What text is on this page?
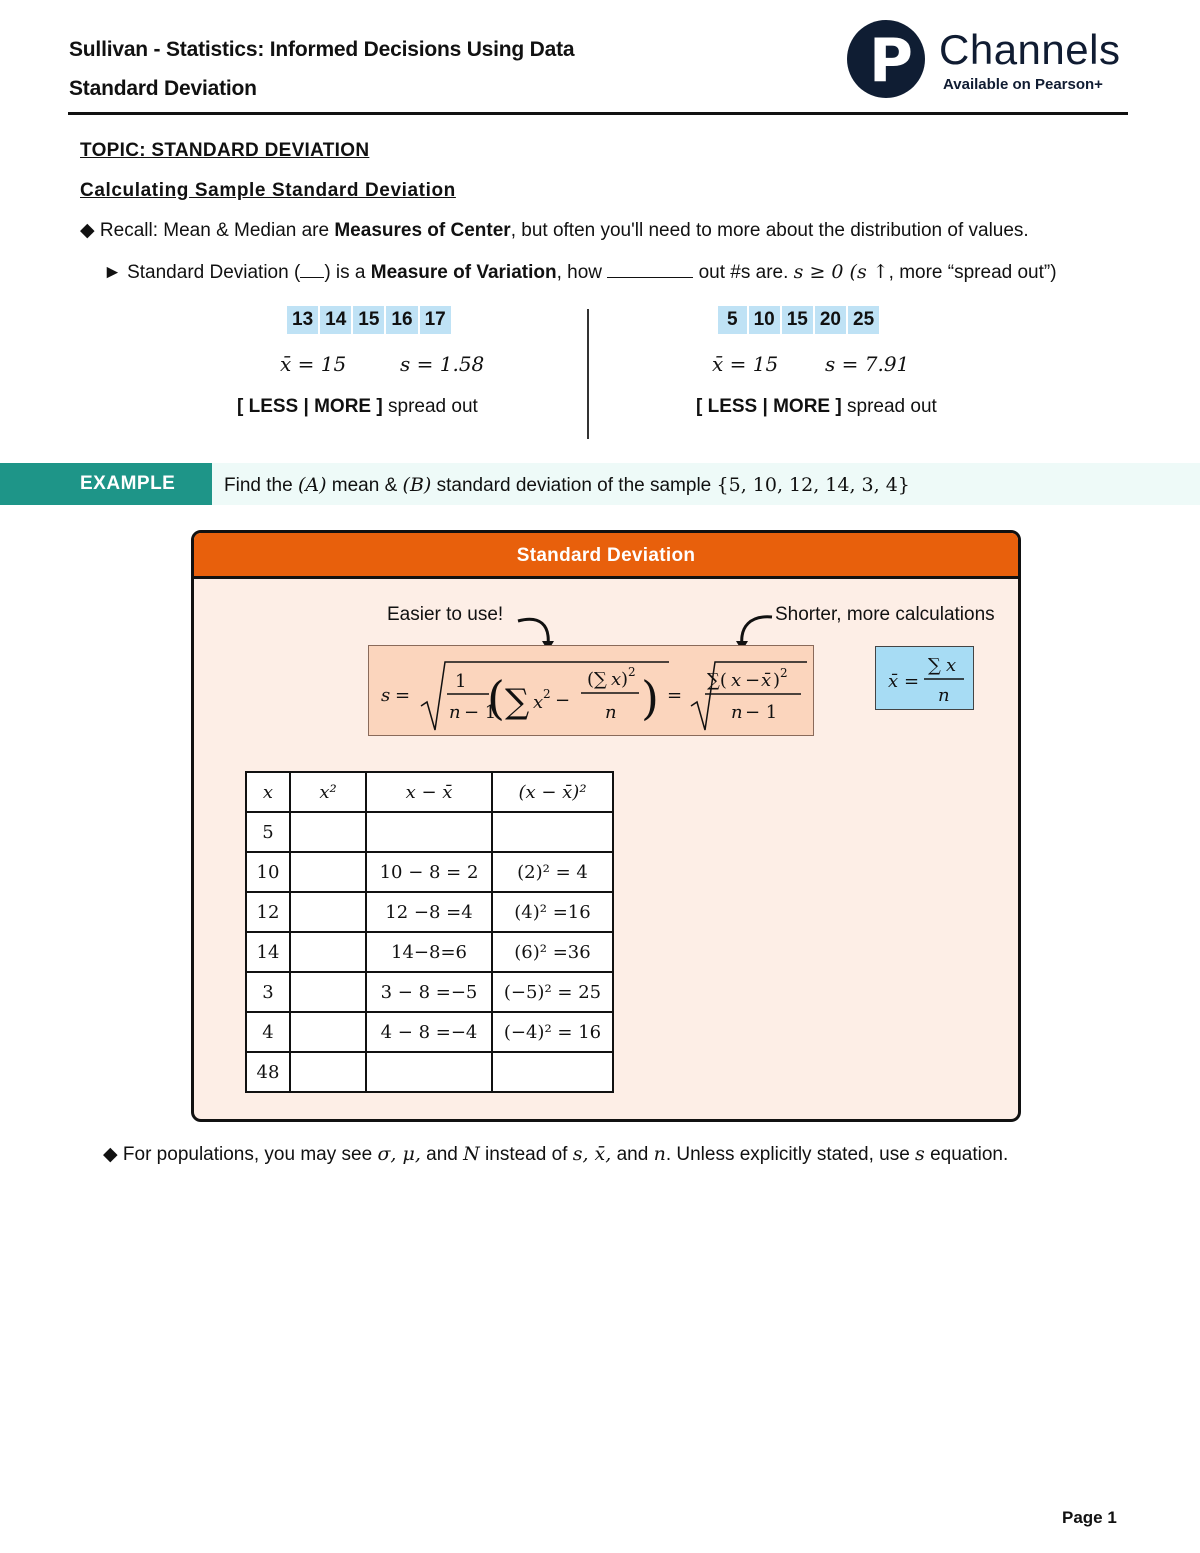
Sullivan - Statistics: Informed Decisions Using Data
Standard Deviation	P Channels
Available on Pearson+
TOPIC: STANDARD DEVIATION
Calculating Sample Standard Deviation
◆ Recall: Mean & Median are Measures of Center, but often you'll need to more about the distribution of values.
► Standard Deviation ( ) is a Measure of Variation, how	out #s are. s ≥ 0 (s ↑, more “spread out”)
13 14 15 16 17
x̄ = 15	s = 1.58
[ LESS | MORE ] spread out
5 10 15 20 25
x̄ = 15 s = 7.91
[ LESS | MORE ] spread out
EXAMPLE	Find the (A) mean & (B) standard deviation of the sample {5, 10, 12, 14, 3, 4}
Standard Deviation
Easier to use!	Shorter, more calculations
s =
1
n − 1
( ∑ x 2 −
(∑ x ) 2
n ) =
∑( x − x̄ ) 2
n − 1
x̄ =
∑ x
n
x	x²	x − x̄	(x − x̄)²
5			
10		10 − 8 = 2	(2)² = 4
12		12 −8 =4	(4)² =16
14		14−8=6	(6)² =36
3		3 − 8 =−5	(−5)² = 25
4		4 − 8 =−4	(−4)² = 16
48			
◆ For populations, you may see σ, μ, and N instead of s, x̄, and n. Unless explicitly stated, use s equation.
Page 1
